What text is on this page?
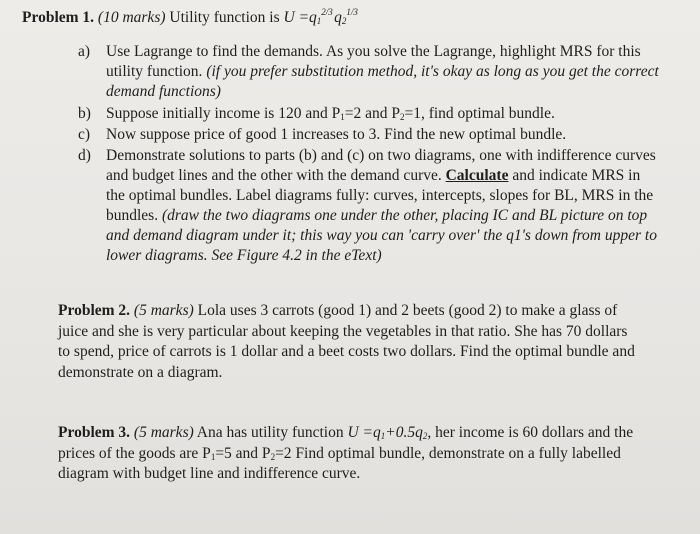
Problem 1. (10 marks) Utility function is $U =q_1^{2/3}$ $q_2^{1/3}$
a) Use Lagrange to find the demands. As you solve the Lagrange, highlight MRS for this utility function. (if you prefer substitution method, it's okay as long as you get the correct demand functions)
b) Suppose initially income is 120 and $P_1=2$ and $P_2=1$, find optimal bundle.
c) Now suppose price of good 1 increases to 3. Find the new optimal bundle.
d) Demonstrate solutions to parts (b) and (c) on two diagrams, one with indifference curves and budget lines and the other with the demand curve. Calculate and indicate MRS in the optimal bundles. Label diagrams fully: curves, intercepts, slopes for BL, MRS in the bundles. (draw the two diagrams one under the other, placing IC and BL picture on top and demand diagram under it; this way you can 'carry over' the q1's down from upper to lower diagrams. See Figure 4.2 in the eText)
Problem 2. (5 marks) Lola uses 3 carrots (good 1) and 2 beets (good 2) to make a glass of juice and she is very particular about keeping the vegetables in that ratio. She has 70 dollars to spend, price of carrots is 1 dollar and a beet costs two dollars. Find the optimal bundle and demonstrate on a diagram.
Problem 3. (5 marks) Ana has utility function $U =q_1+0.5q_2$, her income is 60 dollars and the prices of the goods are $P_1=5$ and $P_2=2$ Find optimal bundle, demonstrate on a fully labelled diagram with budget line and indifference curve.
